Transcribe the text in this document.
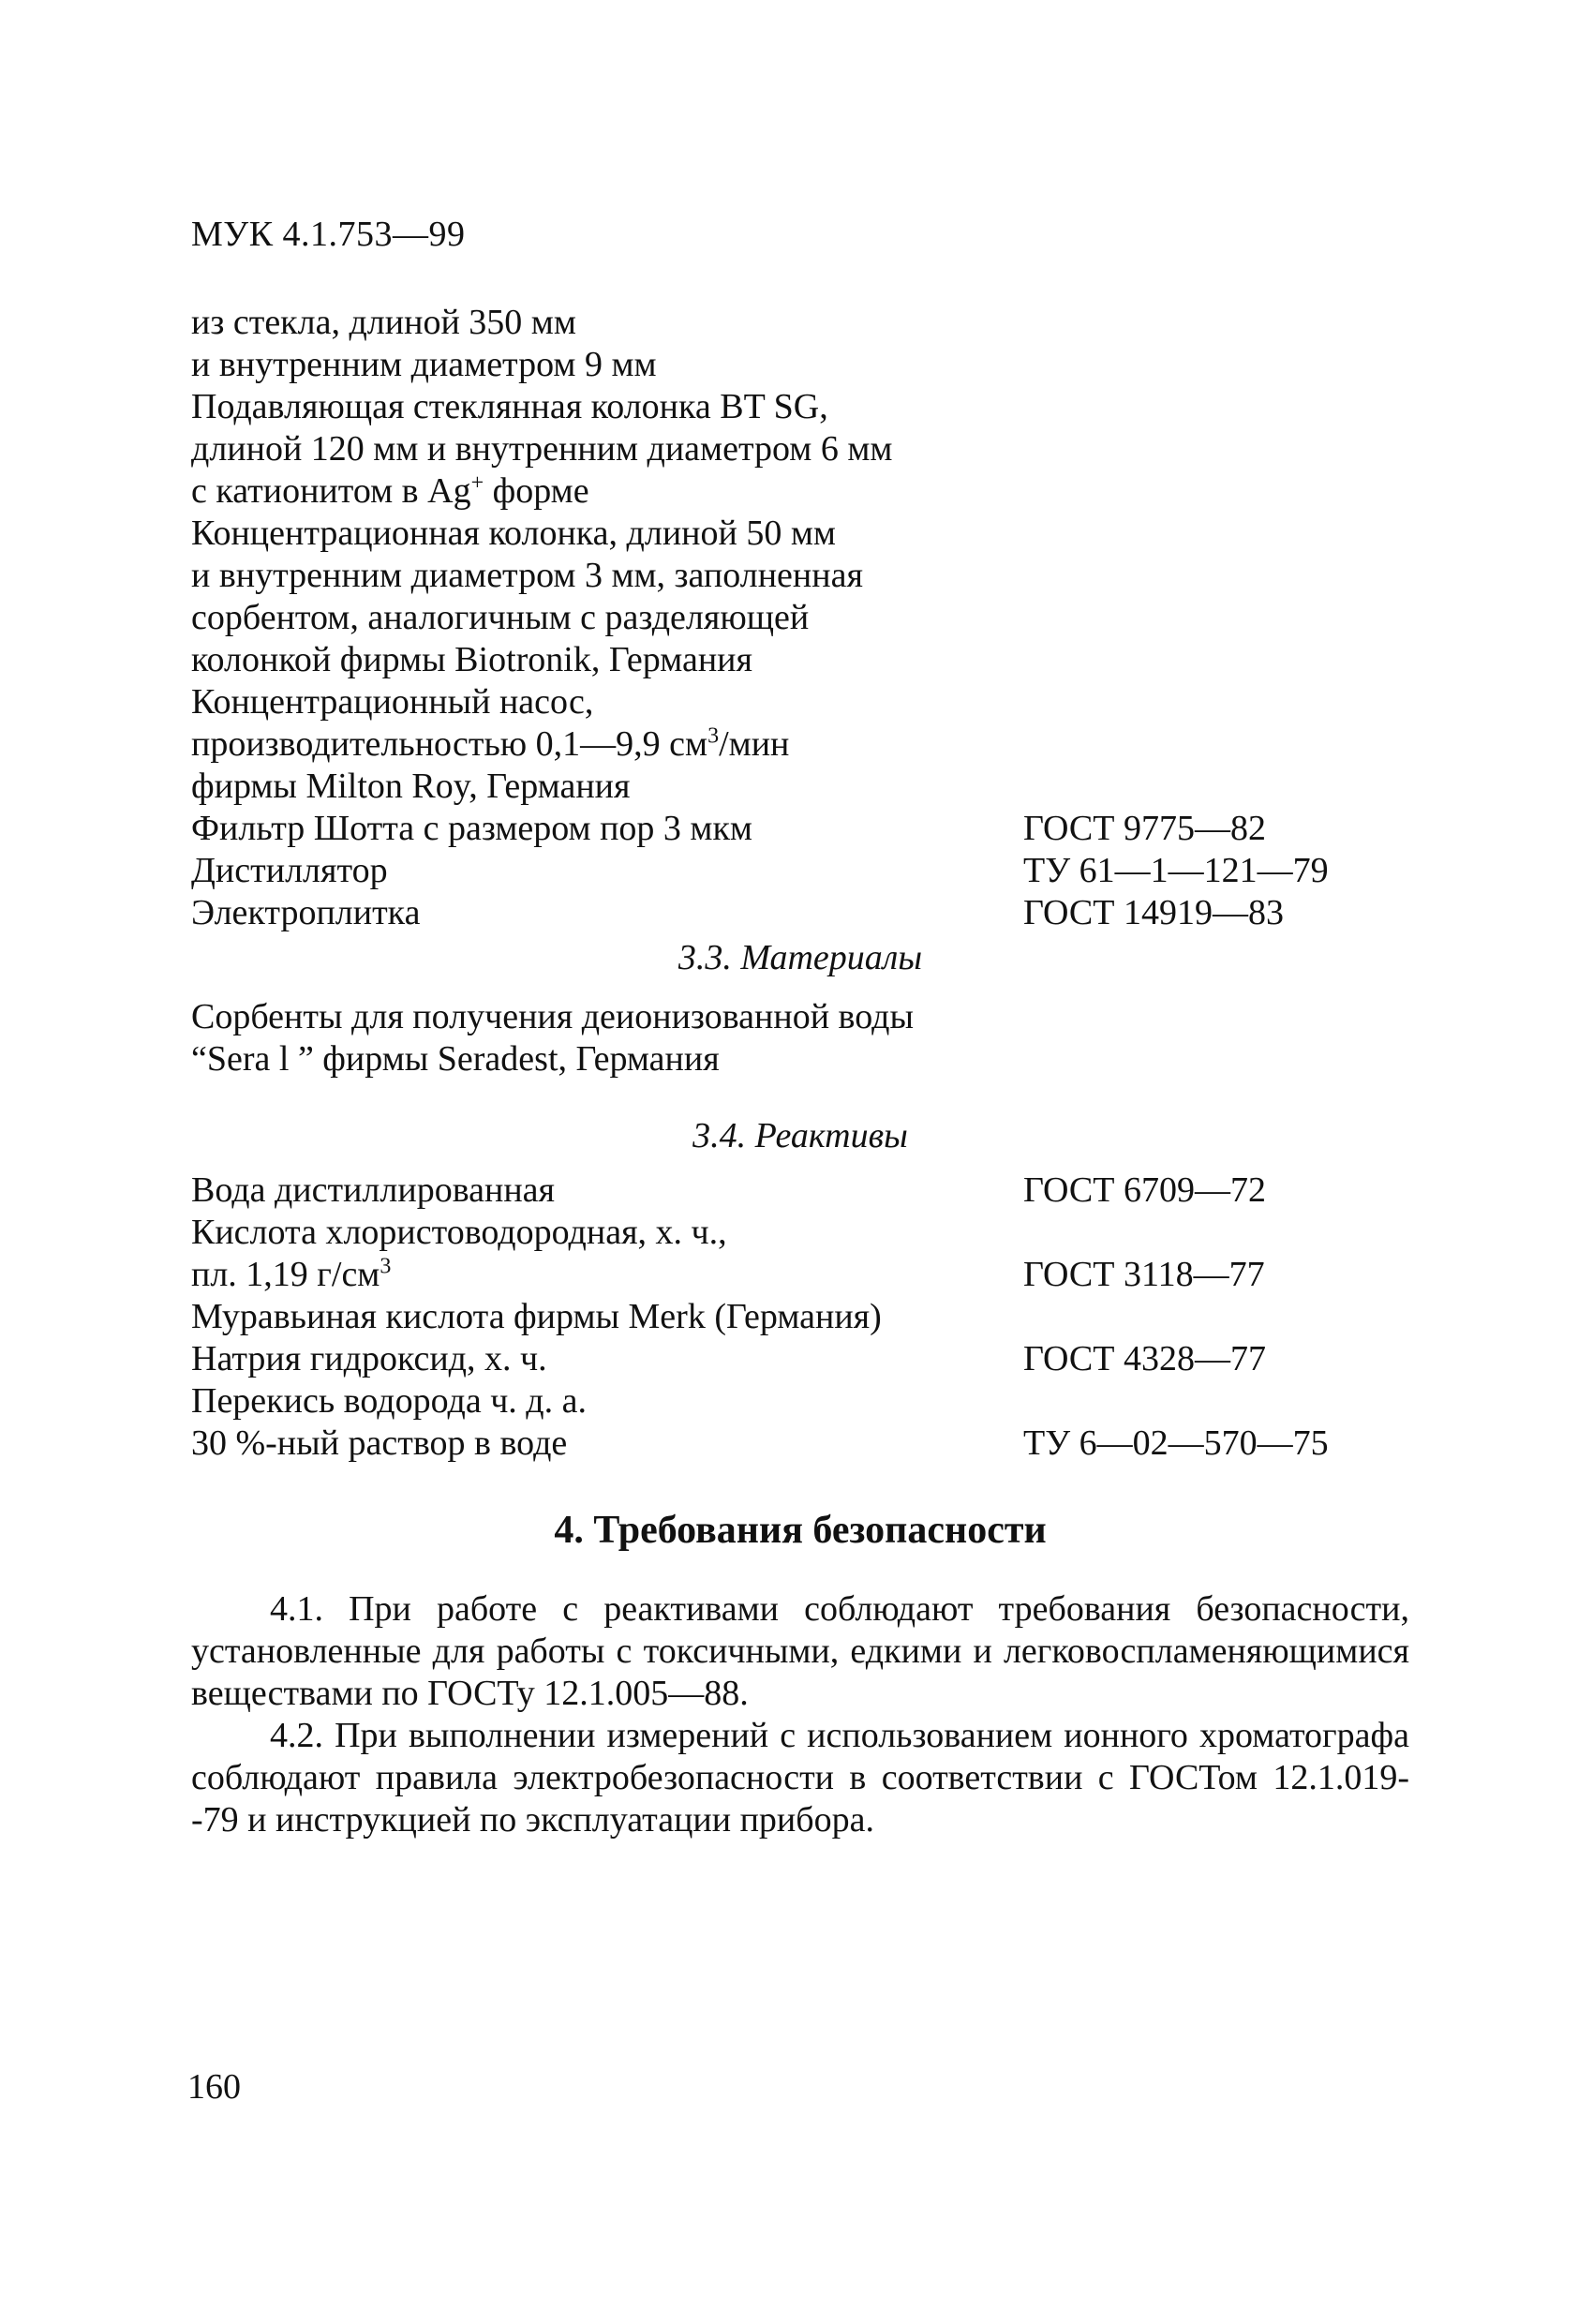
МУК 4.1.753—99
из стекла, длиной 350 мм
и внутренним диаметром 9 мм
Подавляющая стеклянная колонка BT SG,
длиной 120 мм и внутренним диаметром 6 мм
с катионитом в Ag+ форме
Концентрационная колонка, длиной 50 мм
и внутренним диаметром 3 мм, заполненная
сорбентом, аналогичным с разделяющей
колонкой фирмы Biotronik, Германия
Концентрационный насос,
производительностью 0,1—9,9 $см^3$/мин
фирмы Milton Roy, Германия
Фильтр Шотта с размером пор 3 мкм	ГОСТ 9775—82
Дистиллятор	ТУ 61—1—121—79
Электроплитка	ГОСТ 14919—83
3.3. Материалы
Сорбенты для получения деионизованной воды
“Sera l ” фирмы Seradest, Германия
3.4. Реактивы
Вода дистиллированная	ГОСТ 6709—72
Кислота хлористоводородная, х. ч.,
пл. 1,19 $г/см^3$	ГОСТ 3118—77
Муравьиная кислота фирмы Merk (Германия)
Натрия гидроксид, х. ч.	ГОСТ 4328—77
Перекись водорода ч. д. а.
30 %-ный раствор в воде	ТУ 6—02—570—75
4. Требования безопасности
4.1. При работе с реактивами соблюдают требования безопасности, установленные для работы с токсичными, едкими и легковоспламеняющимися веществами по ГОСТу 12.1.005—88.
4.2. При выполнении измерений с использованием ионного хроматографа соблюдают правила электробезопасности в соответствии с ГОСТом 12.1.019--79 и инструкцией по эксплуатации прибора.
160
